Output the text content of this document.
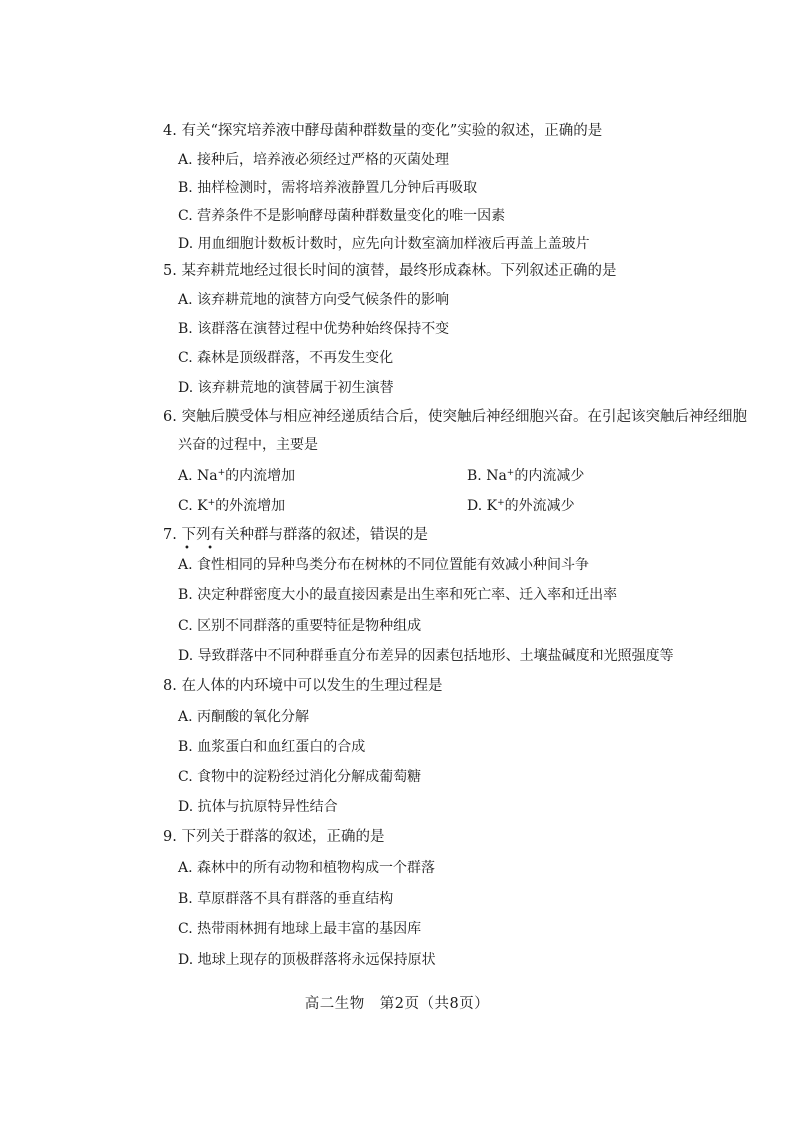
4. 有关“探究培养液中酵母菌种群数量的变化”实验的叙述，正确的是
A. 接种后，培养液必须经过严格的灭菌处理
B. 抽样检测时，需将培养液静置几分钟后再吸取
C. 营养条件不是影响酵母菌种群数量变化的唯一因素
D. 用血细胞计数板计数时，应先向计数室滴加样液后再盖上盖玻片
5. 某弃耕荒地经过很长时间的演替，最终形成森林。下列叙述正确的是
A. 该弃耕荒地的演替方向受气候条件的影响
B. 该群落在演替过程中优势种始终保持不变
C. 森林是顶级群落，不再发生变化
D. 该弃耕荒地的演替属于初生演替
6. 突触后膜受体与相应神经递质结合后，使突触后神经细胞兴奋。在引起该突触后神经细胞
兴奋的过程中，主要是
A. Na+的内流增加	B. Na+的内流减少
C. K+的外流增加	D. K+的外流减少
7. 下列有关种群与群落的叙述，错误的是
• •
A. 食性相同的异种鸟类分布在树林的不同位置能有效减小种间斗争
B. 决定种群密度大小的最直接因素是出生率和死亡率、迁入率和迁出率
C. 区别不同群落的重要特征是物种组成
D. 导致群落中不同种群垂直分布差异的因素包括地形、土壤盐碱度和光照强度等
8. 在人体的内环境中可以发生的生理过程是
A. 丙酮酸的氧化分解
B. 血浆蛋白和血红蛋白的合成
C. 食物中的淀粉经过消化分解成葡萄糖
D. 抗体与抗原特异性结合
9. 下列关于群落的叙述，正确的是
A. 森林中的所有动物和植物构成一个群落
B. 草原群落不具有群落的垂直结构
C. 热带雨林拥有地球上最丰富的基因库
D. 地球上现存的顶极群落将永远保持原状
高二生物　第2页（共8页）
